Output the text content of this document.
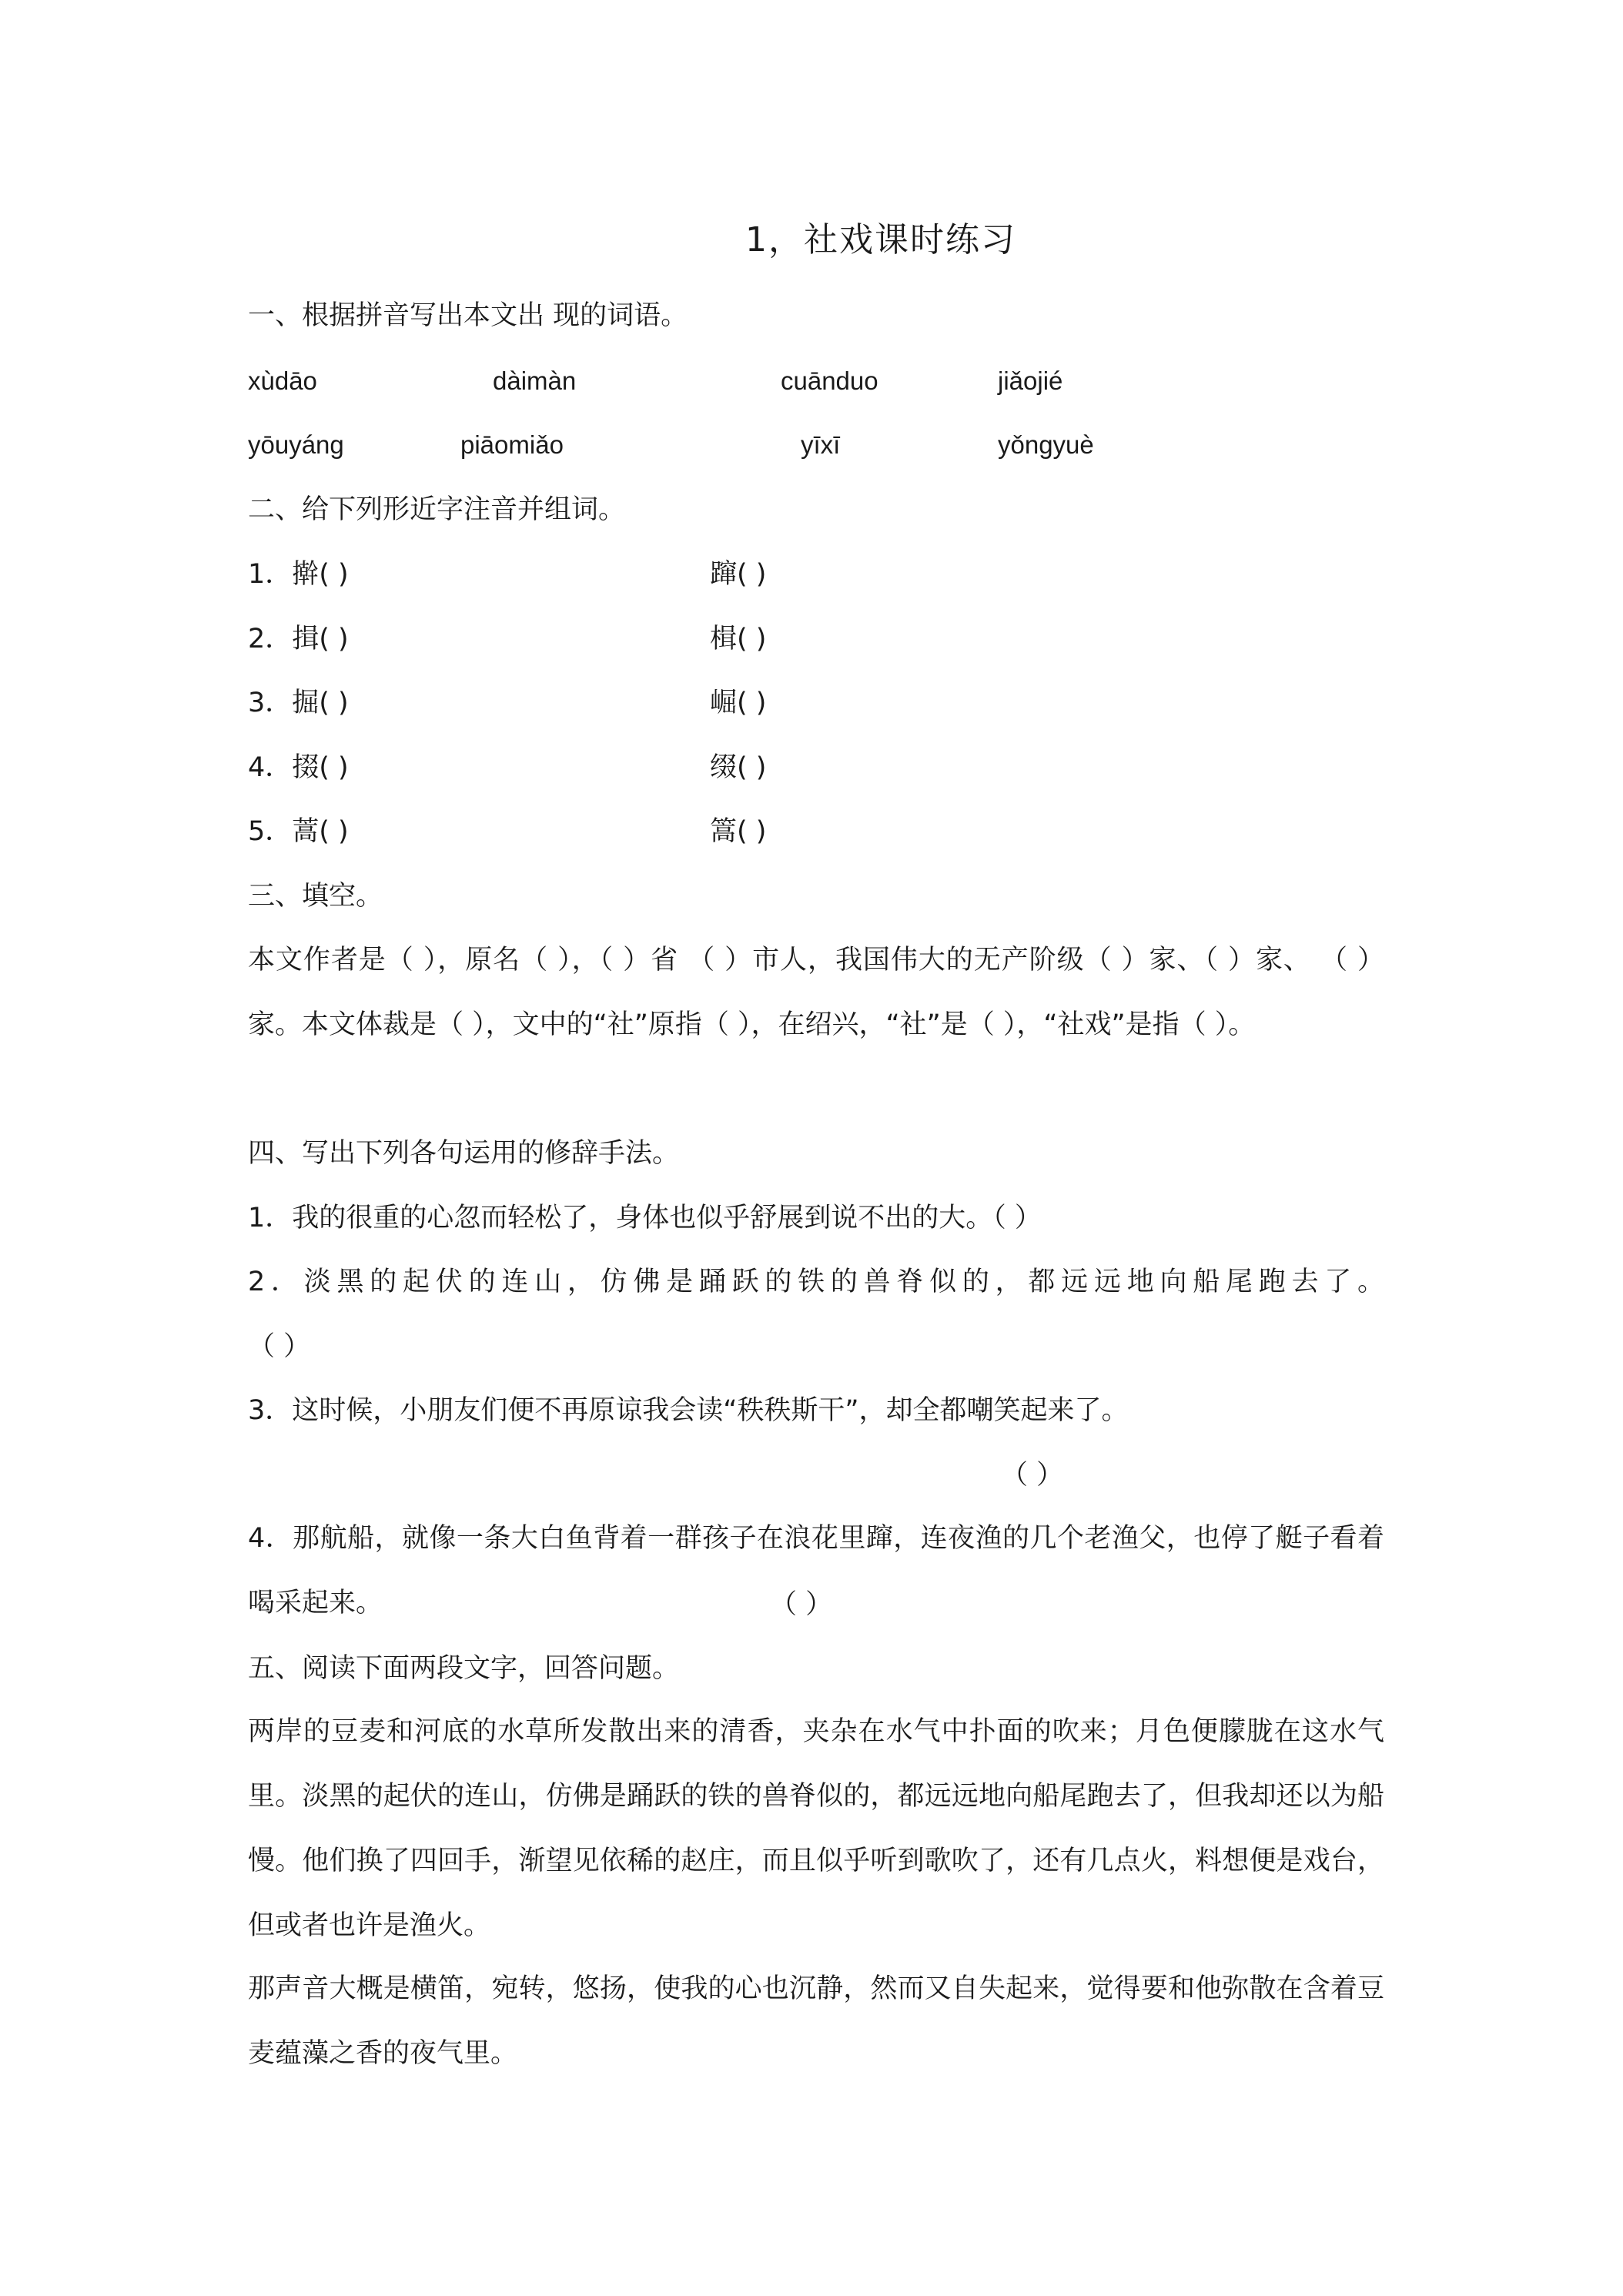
1，社戏课时练习
一、根据拼音写出本文出 现的词语。
xùdāo	dàimàn	cuānduo	jiǎojié
yōuyáng	piāomiǎo	yīxī	yǒngyuè
二、给下列形近字注音并组词。
1．擀( )	蹿( )
2．揖( )	楫( )
3．掘( )	崛( )
4．掇( )	缀( )
5．蒿( )	篙( )
三、填空。
本文作者是（ ），原名（ ），（ ）省 （ ）市人，我国伟大的无产阶级（ ）家、（ ）家、 （ ）家。本文体裁是（ ），文中的“社”原指（ ），在绍兴，“社”是（ ），“社戏”是指（ ）。
四、写出下列各句运用的修辞手法。
1．我的很重的心忽而轻松了，身体也似乎舒展到说不出的大。（ ）
2．淡黑的起伏的连山，仿佛是踊跃的铁的兽脊似的，都远远地向船尾跑去了。
（ ）
3．这时候，小朋友们便不再原谅我会读“秩秩斯干”，却全都嘲笑起来了。
（ ）
4．那航船，就像一条大白鱼背着一群孩子在浪花里蹿，连夜渔的几个老渔父，也停了艇子看着喝采起来。	（ ）
五、阅读下面两段文字，回答问题。
两岸的豆麦和河底的水草所发散出来的清香，夹杂在水气中扑面的吹来；月色便朦胧在这水气里。淡黑的起伏的连山，仿佛是踊跃的铁的兽脊似的，都远远地向船尾跑去了，但我却还以为船慢。他们换了四回手，渐望见依稀的赵庄，而且似乎听到歌吹了，还有几点火，料想便是戏台，但或者也许是渔火。
那声音大概是横笛，宛转，悠扬，使我的心也沉静，然而又自失起来，觉得要和他弥散在含着豆麦蕴藻之香的夜气里。
